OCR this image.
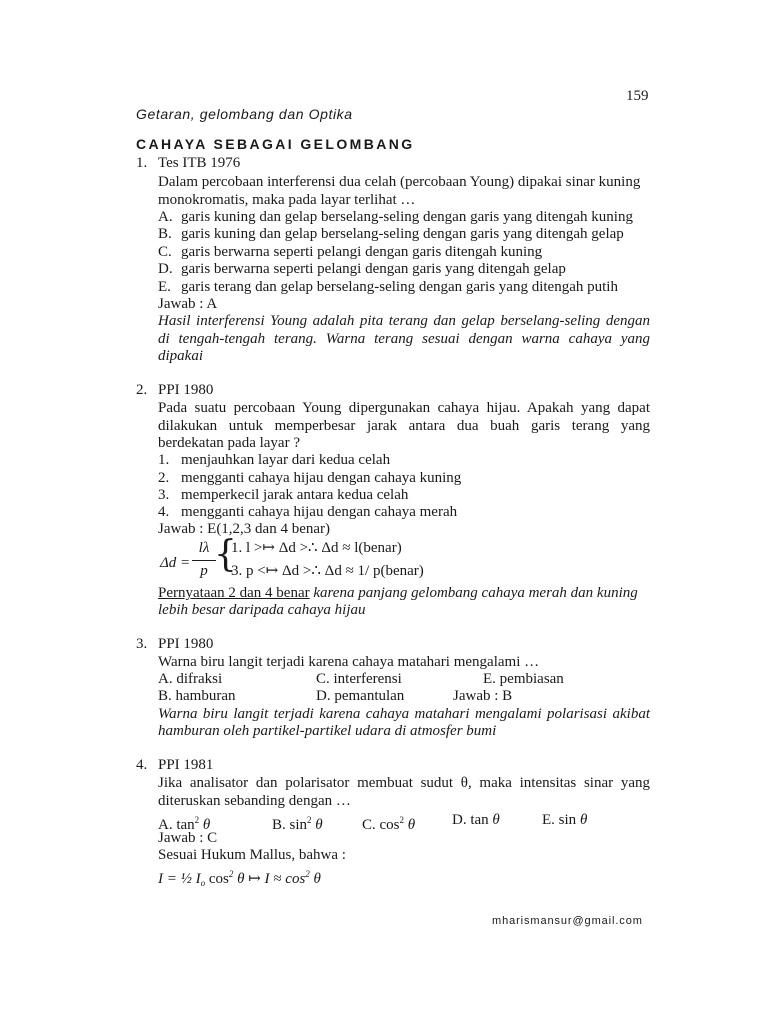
159
Getaran, gelombang dan Optika
CAHAYA SEBAGAI GELOMBANG
1. Tes ITB 1976
Dalam percobaan interferensi dua celah (percobaan Young) dipakai sinar kuning
monokromatis, maka pada layar terlihat …
A. garis kuning dan gelap berselang-seling dengan garis yang ditengah kuning
B. garis kuning dan gelap berselang-seling dengan garis yang ditengah gelap
C. garis berwarna seperti pelangi dengan garis ditengah kuning
D. garis berwarna seperti pelangi dengan garis yang ditengah gelap
E. garis terang dan gelap berselang-seling dengan garis yang ditengah putih
Jawab : A
Hasil interferensi Young adalah pita terang dan gelap berselang-seling dengan
di tengah-tengah terang. Warna terang sesuai dengan warna cahaya yang
dipakai
2. PPI 1980
Pada suatu percobaan Young dipergunakan cahaya hijau. Apakah yang dapat
dilakukan untuk memperbesar jarak antara dua buah garis terang yang
berdekatan pada layar ?
1. menjauhkan layar dari kedua celah
2. mengganti cahaya hijau dengan cahaya kuning
3. memperkecil jarak antara kedua celah
4. mengganti cahaya hijau dengan cahaya merah
Jawab : E(1,2,3 dan 4 benar)
Δd =
lλ
p {
1. l >↦ Δd >∴ Δd ≈ l(benar)
3. p <↦ Δd >∴ Δd ≈ 1/ p(benar)
Pernyataan 2 dan 4 benar karena panjang gelombang cahaya merah dan kuning
lebih besar daripada cahaya hijau
3. PPI 1980
Warna biru langit terjadi karena cahaya matahari mengalami …
A. difraksi	C. interferensi	E. pembiasan
B. hamburan	D. pemantulan	Jawab : B
Warna biru langit terjadi karena cahaya matahari mengalami polarisasi akibat
hamburan oleh partikel-partikel udara di atmosfer bumi
4. PPI 1981
Jika analisator dan polarisator membuat sudut θ, maka intensitas sinar yang
diteruskan sebanding dengan …
A. $\tan^2 \theta$	B. $\sin^2 \theta$	C. $\cos^2 \theta$ D. tan θ	E. sin θ
Jawab : C
Sesuai Hukum Mallus, bahwa :
I = ½ $I_o$ $\cos^2 \theta$ ↦ $I \approx \cos^2 \theta$
mharismansur@gmail.com
